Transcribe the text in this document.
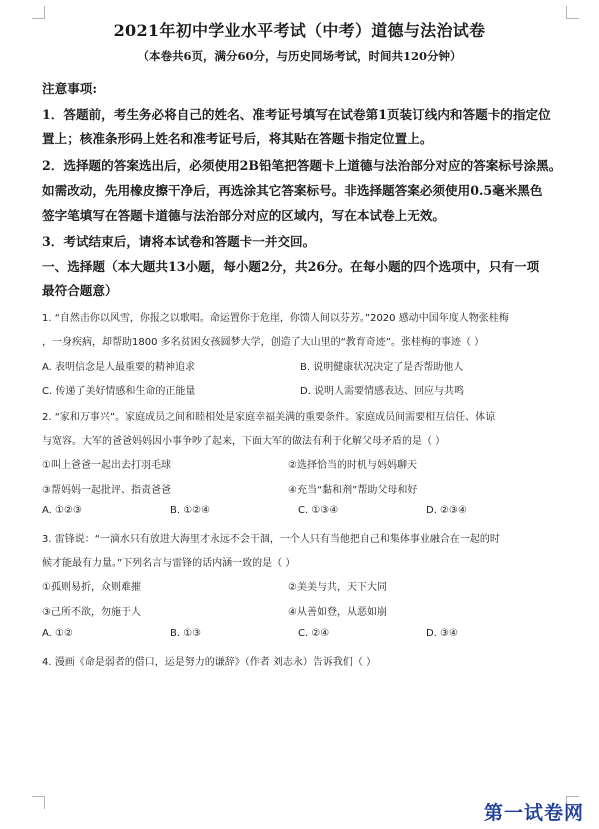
2021年初中学业水平考试（中考）道德与法治试卷
（本卷共6页，满分60分，与历史同场考试，时间共120分钟）
注意事项:
1．答题前，考生务必将自己的姓名、准考证号填写在试卷第1页装订线内和答题卡的指定位
置上；核准条形码上姓名和准考证号后，将其贴在答题卡指定位置上。
2．选择题的答案选出后，必须使用2B铅笔把答题卡上道德与法治部分对应的答案标号涂黑。
如需改动，先用橡皮擦干净后，再选涂其它答案标号。非选择题答案必须使用0.5毫米黑色
签字笔填写在答题卡道德与法治部分对应的区域内，写在本试卷上无效。
3．考试结束后，请将本试卷和答题卡一并交回。
一、选择题（本大题共13小题，每小题2分，共26分。在每小题的四个选项中，只有一项
最符合题意）
1. “自然击你以风雪，你报之以歌唱。命运置你于危崖，你馈人间以芬芳。”2020 感动中国年度人物张桂梅
，一身疾病，却帮助1800 多名贫困女孩圆梦大学，创造了大山里的“教育奇迹”。张桂梅的事迹（ ）
A. 表明信念是人最重要的精神追求	B. 说明健康状况决定了是否帮助他人
C. 传递了美好情感和生命的正能量	D. 说明人需要情感表达、回应与共鸣
2. “家和万事兴”。家庭成员之间和睦相处是家庭幸福美满的重要条件。家庭成员间需要相互信任、体谅
与宽容。大军的爸爸妈妈因小事争吵了起来，下面大军的做法有利于化解父母矛盾的是（ ）
①叫上爸爸一起出去打羽毛球	②选择恰当的时机与妈妈聊天
③帮妈妈一起批评、指责爸爸	④充当“黏和剂”帮助父母和好
A. ①②③	B. ①②④	C. ①③④	D. ②③④
3. 雷锋说：“一滴水只有放进大海里才永远不会干涸，一个人只有当他把自己和集体事业融合在一起的时
候才能最有力量。”下列名言与雷锋的话内涵一致的是（ ）
①孤则易折，众则难摧	②美美与共，天下大同
③己所不欲，勿施于人	④从善如登，从恶如崩
A. ①②	B. ①③	C. ②④	D. ③④
4. 漫画《命是弱者的借口，运是努力的谦辞》（作者 刘志永）告诉我们（ ）
第一试卷网
